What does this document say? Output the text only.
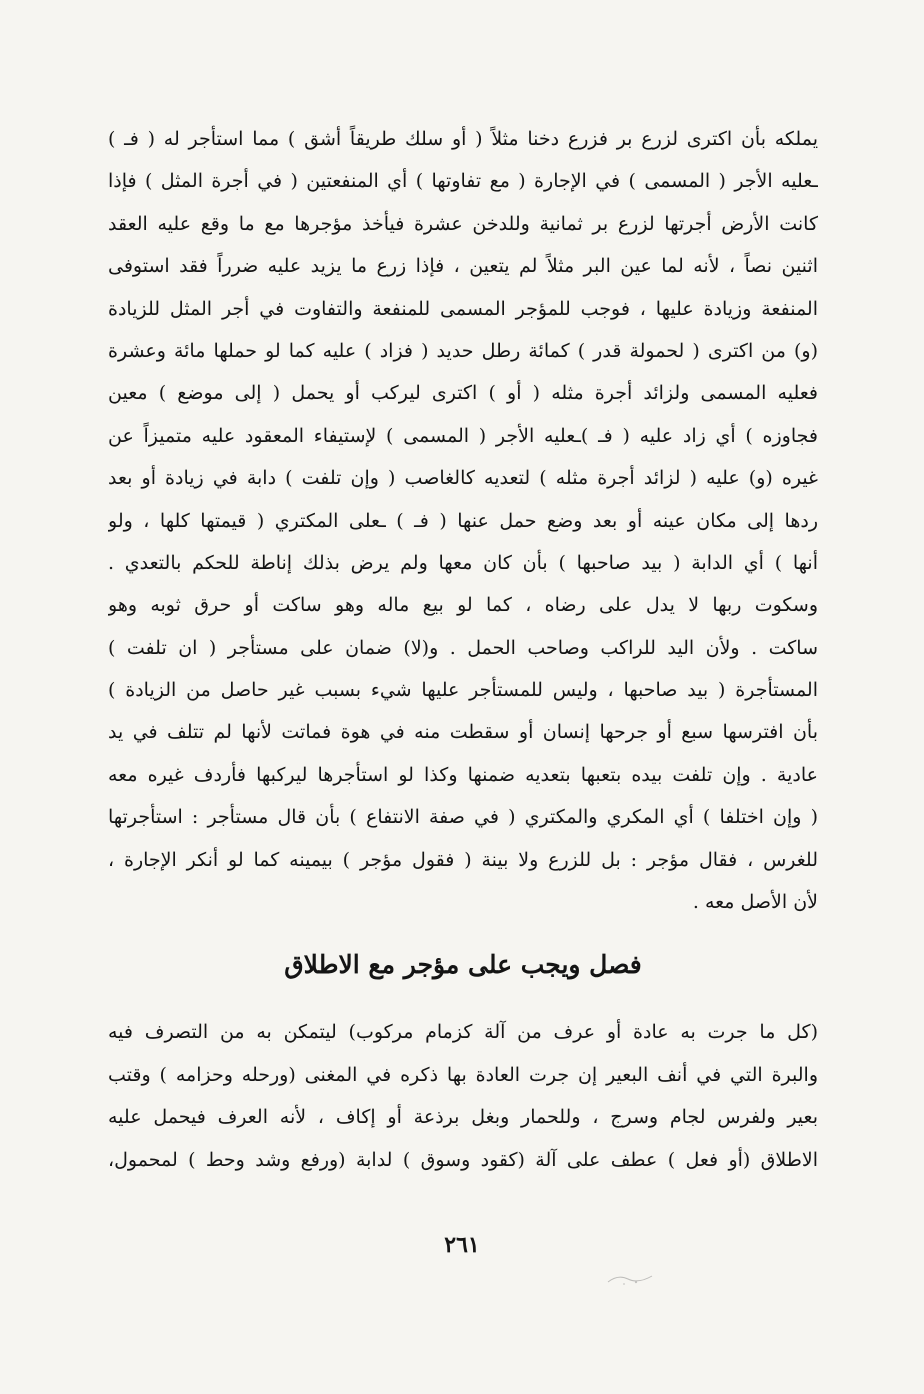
يملكه بأن اكترى لزرع بر فزرع دخنا مثلاً ( أو سلك طريقاً أشق ) مما استأجر له ( فـ )
ـعليه الأجر ( المسمى ) في الإجارة ( مع تفاوتها ) أي المنفعتين ( في أجرة المثل ) فإذا
كانت الأرض أجرتها لزرع بر ثمانية وللدخن عشرة فيأخذ مؤجرها مع ما وقع عليه العقد
اثنين نصاً ، لأنه لما عين البر مثلاً لم يتعين ، فإذا زرع ما يزيد عليه ضرراً فقد استوفى
المنفعة وزيادة عليها ، فوجب للمؤجر المسمى للمنفعة والتفاوت في أجر المثل للزيادة
(و) من اكترى ( لحمولة قدر ) كمائة رطل حديد ( فزاد ) عليه كما لو حملها مائة وعشرة
فعليه المسمى ولزائد أجرة مثله ( أو ) اكترى ليركب أو يحمل ( إلى موضع ) معين
فجاوزه ) أي زاد عليه ( فـ )ـعليه الأجر ( المسمى ) لإستيفاء المعقود عليه متميزاً عن
غيره (و) عليه ( لزائد أجرة مثله ) لتعديه كالغاصب ( وإن تلفت ) دابة في زيادة أو بعد
ردها إلى مكان عينه أو بعد وضع حمل عنها ( فـ ) ـعلى المكتري ( قيمتها كلها ، ولو
أنها ) أي الدابة ( بيد صاحبها ) بأن كان معها ولم يرض بذلك إناطة للحكم بالتعدي .
وسكوت ربها لا يدل على رضاه ، كما لو بيع ماله وهو ساكت أو حرق ثوبه وهو
ساكت . ولأن اليد للراكب وصاحب الحمل . و(لا) ضمان على مستأجر ( ان تلفت )
المستأجرة ( بيد صاحبها ، وليس للمستأجر عليها شيء بسبب غير حاصل من الزيادة )
بأن افترسها سبع أو جرحها إنسان أو سقطت منه في هوة فماتت لأنها لم تتلف في يد
عادية . وإن تلفت بيده بتعبها بتعديه ضمنها وكذا لو استأجرها ليركبها فأردف غيره معه
( وإن اختلفا ) أي المكري والمكتري ( في صفة الانتفاع ) بأن قال مستأجر : استأجرتها
للغرس ، فقال مؤجر : بل للزرع ولا بينة ( فقول مؤجر ) بيمينه كما لو أنكر الإجارة ،
لأن الأصل معه .
فصل ويجب على مؤجر مع الاطلاق
(كل ما جرت به عادة أو عرف من آلة كزمام مركوب) ليتمكن به من التصرف فيه
والبرة التي في أنف البعير إن جرت العادة بها ذكره في المغنى (ورحله وحزامه ) وقتب
بعير ولفرس لجام وسرج ، وللحمار وبغل برذعة أو إكاف ، لأنه العرف فيحمل عليه
الاطلاق (أو فعل ) عطف على آلة (كقود وسوق ) لدابة (ورفع وشد وحط ) لمحمول،
٢٦١
